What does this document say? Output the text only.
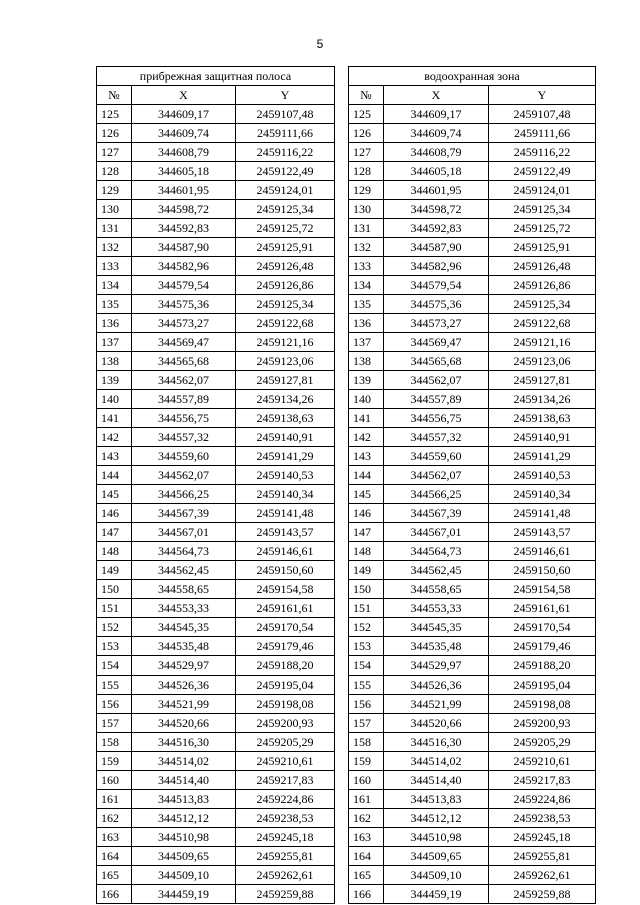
5
прибрежная защитная полоса				водоохранная зона		
№	X	Y		№	X	Y
125	344609,17	2459107,48		125	344609,17	2459107,48
126	344609,74	2459111,66		126	344609,74	2459111,66
127	344608,79	2459116,22		127	344608,79	2459116,22
128	344605,18	2459122,49		128	344605,18	2459122,49
129	344601,95	2459124,01		129	344601,95	2459124,01
130	344598,72	2459125,34		130	344598,72	2459125,34
131	344592,83	2459125,72		131	344592,83	2459125,72
132	344587,90	2459125,91		132	344587,90	2459125,91
133	344582,96	2459126,48		133	344582,96	2459126,48
134	344579,54	2459126,86		134	344579,54	2459126,86
135	344575,36	2459125,34		135	344575,36	2459125,34
136	344573,27	2459122,68		136	344573,27	2459122,68
137	344569,47	2459121,16		137	344569,47	2459121,16
138	344565,68	2459123,06		138	344565,68	2459123,06
139	344562,07	2459127,81		139	344562,07	2459127,81
140	344557,89	2459134,26		140	344557,89	2459134,26
141	344556,75	2459138,63		141	344556,75	2459138,63
142	344557,32	2459140,91		142	344557,32	2459140,91
143	344559,60	2459141,29		143	344559,60	2459141,29
144	344562,07	2459140,53		144	344562,07	2459140,53
145	344566,25	2459140,34		145	344566,25	2459140,34
146	344567,39	2459141,48		146	344567,39	2459141,48
147	344567,01	2459143,57		147	344567,01	2459143,57
148	344564,73	2459146,61		148	344564,73	2459146,61
149	344562,45	2459150,60		149	344562,45	2459150,60
150	344558,65	2459154,58		150	344558,65	2459154,58
151	344553,33	2459161,61		151	344553,33	2459161,61
152	344545,35	2459170,54		152	344545,35	2459170,54
153	344535,48	2459179,46		153	344535,48	2459179,46
154	344529,97	2459188,20		154	344529,97	2459188,20
155	344526,36	2459195,04		155	344526,36	2459195,04
156	344521,99	2459198,08		156	344521,99	2459198,08
157	344520,66	2459200,93		157	344520,66	2459200,93
158	344516,30	2459205,29		158	344516,30	2459205,29
159	344514,02	2459210,61		159	344514,02	2459210,61
160	344514,40	2459217,83		160	344514,40	2459217,83
161	344513,83	2459224,86		161	344513,83	2459224,86
162	344512,12	2459238,53		162	344512,12	2459238,53
163	344510,98	2459245,18		163	344510,98	2459245,18
164	344509,65	2459255,81		164	344509,65	2459255,81
165	344509,10	2459262,61		165	344509,10	2459262,61
166	344459,19	2459259,88		166	344459,19	2459259,88
